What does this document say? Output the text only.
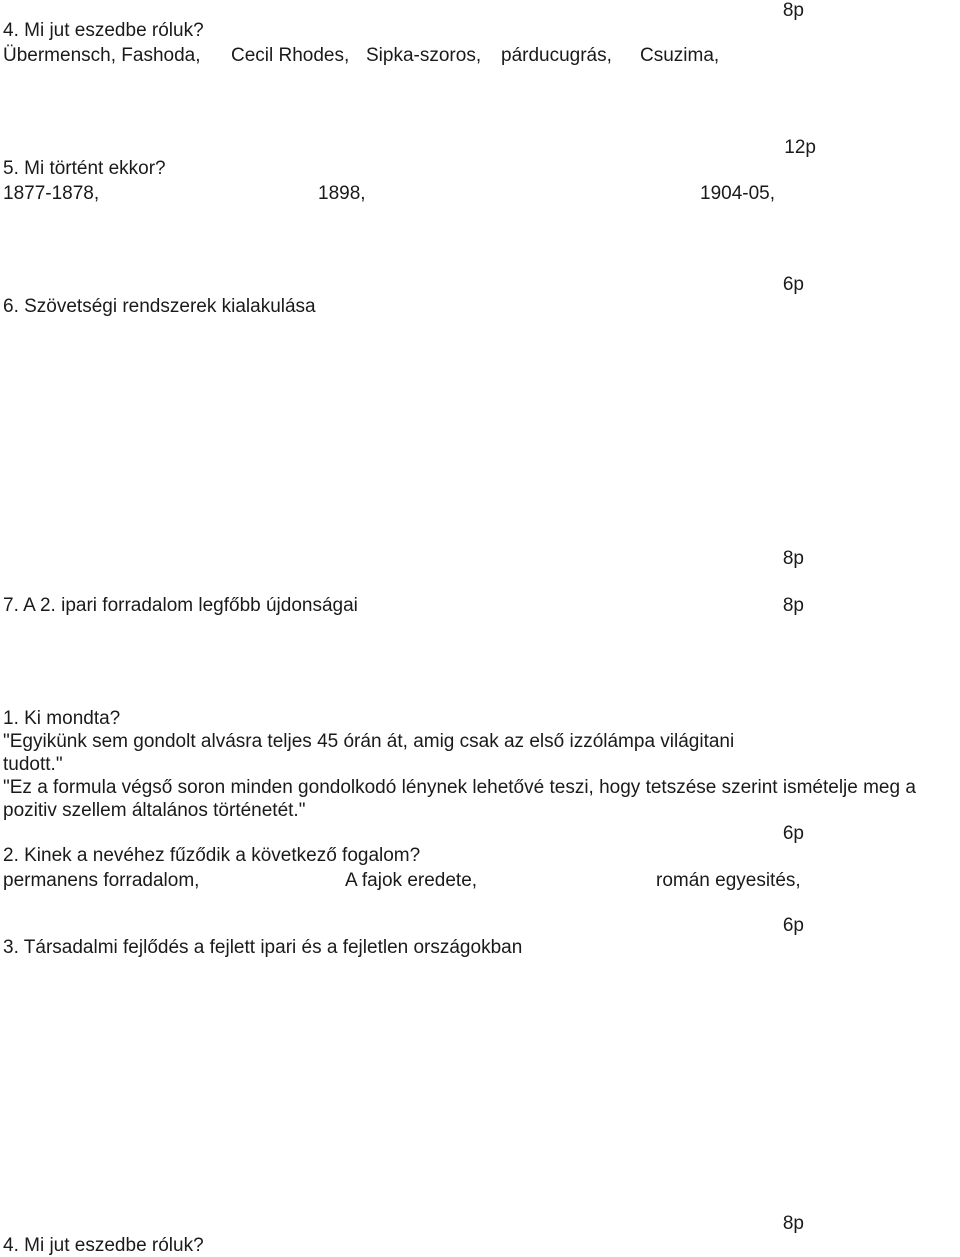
8p
4. Mi jut eszedbe róluk?
Übermensch, Fashoda, Cecil Rhodes, Sipka-szoros, párducugrás, Csuzima,
12p
5. Mi történt ekkor?
1877-1878,	1898,	1904-05,
6p
6. Szövetségi rendszerek kialakulása
8p
7. A 2. ipari forradalom legfőbb újdonságai	8p
1. Ki mondta?
"Egyikünk sem gondolt alvásra teljes 45 órán át, amig csak az első izzólámpa világitani
tudott."
"Ez a formula végső soron minden gondolkodó lénynek lehetővé teszi, hogy tetszése szerint ismételje meg a
pozitiv szellem általános történetét."
6p
2. Kinek a nevéhez fűződik a következő fogalom?
permanens forradalom,	A fajok eredete,	román egyesités,
6p
3. Társadalmi fejlődés a fejlett ipari és a fejletlen országokban
8p
4. Mi jut eszedbe róluk?
